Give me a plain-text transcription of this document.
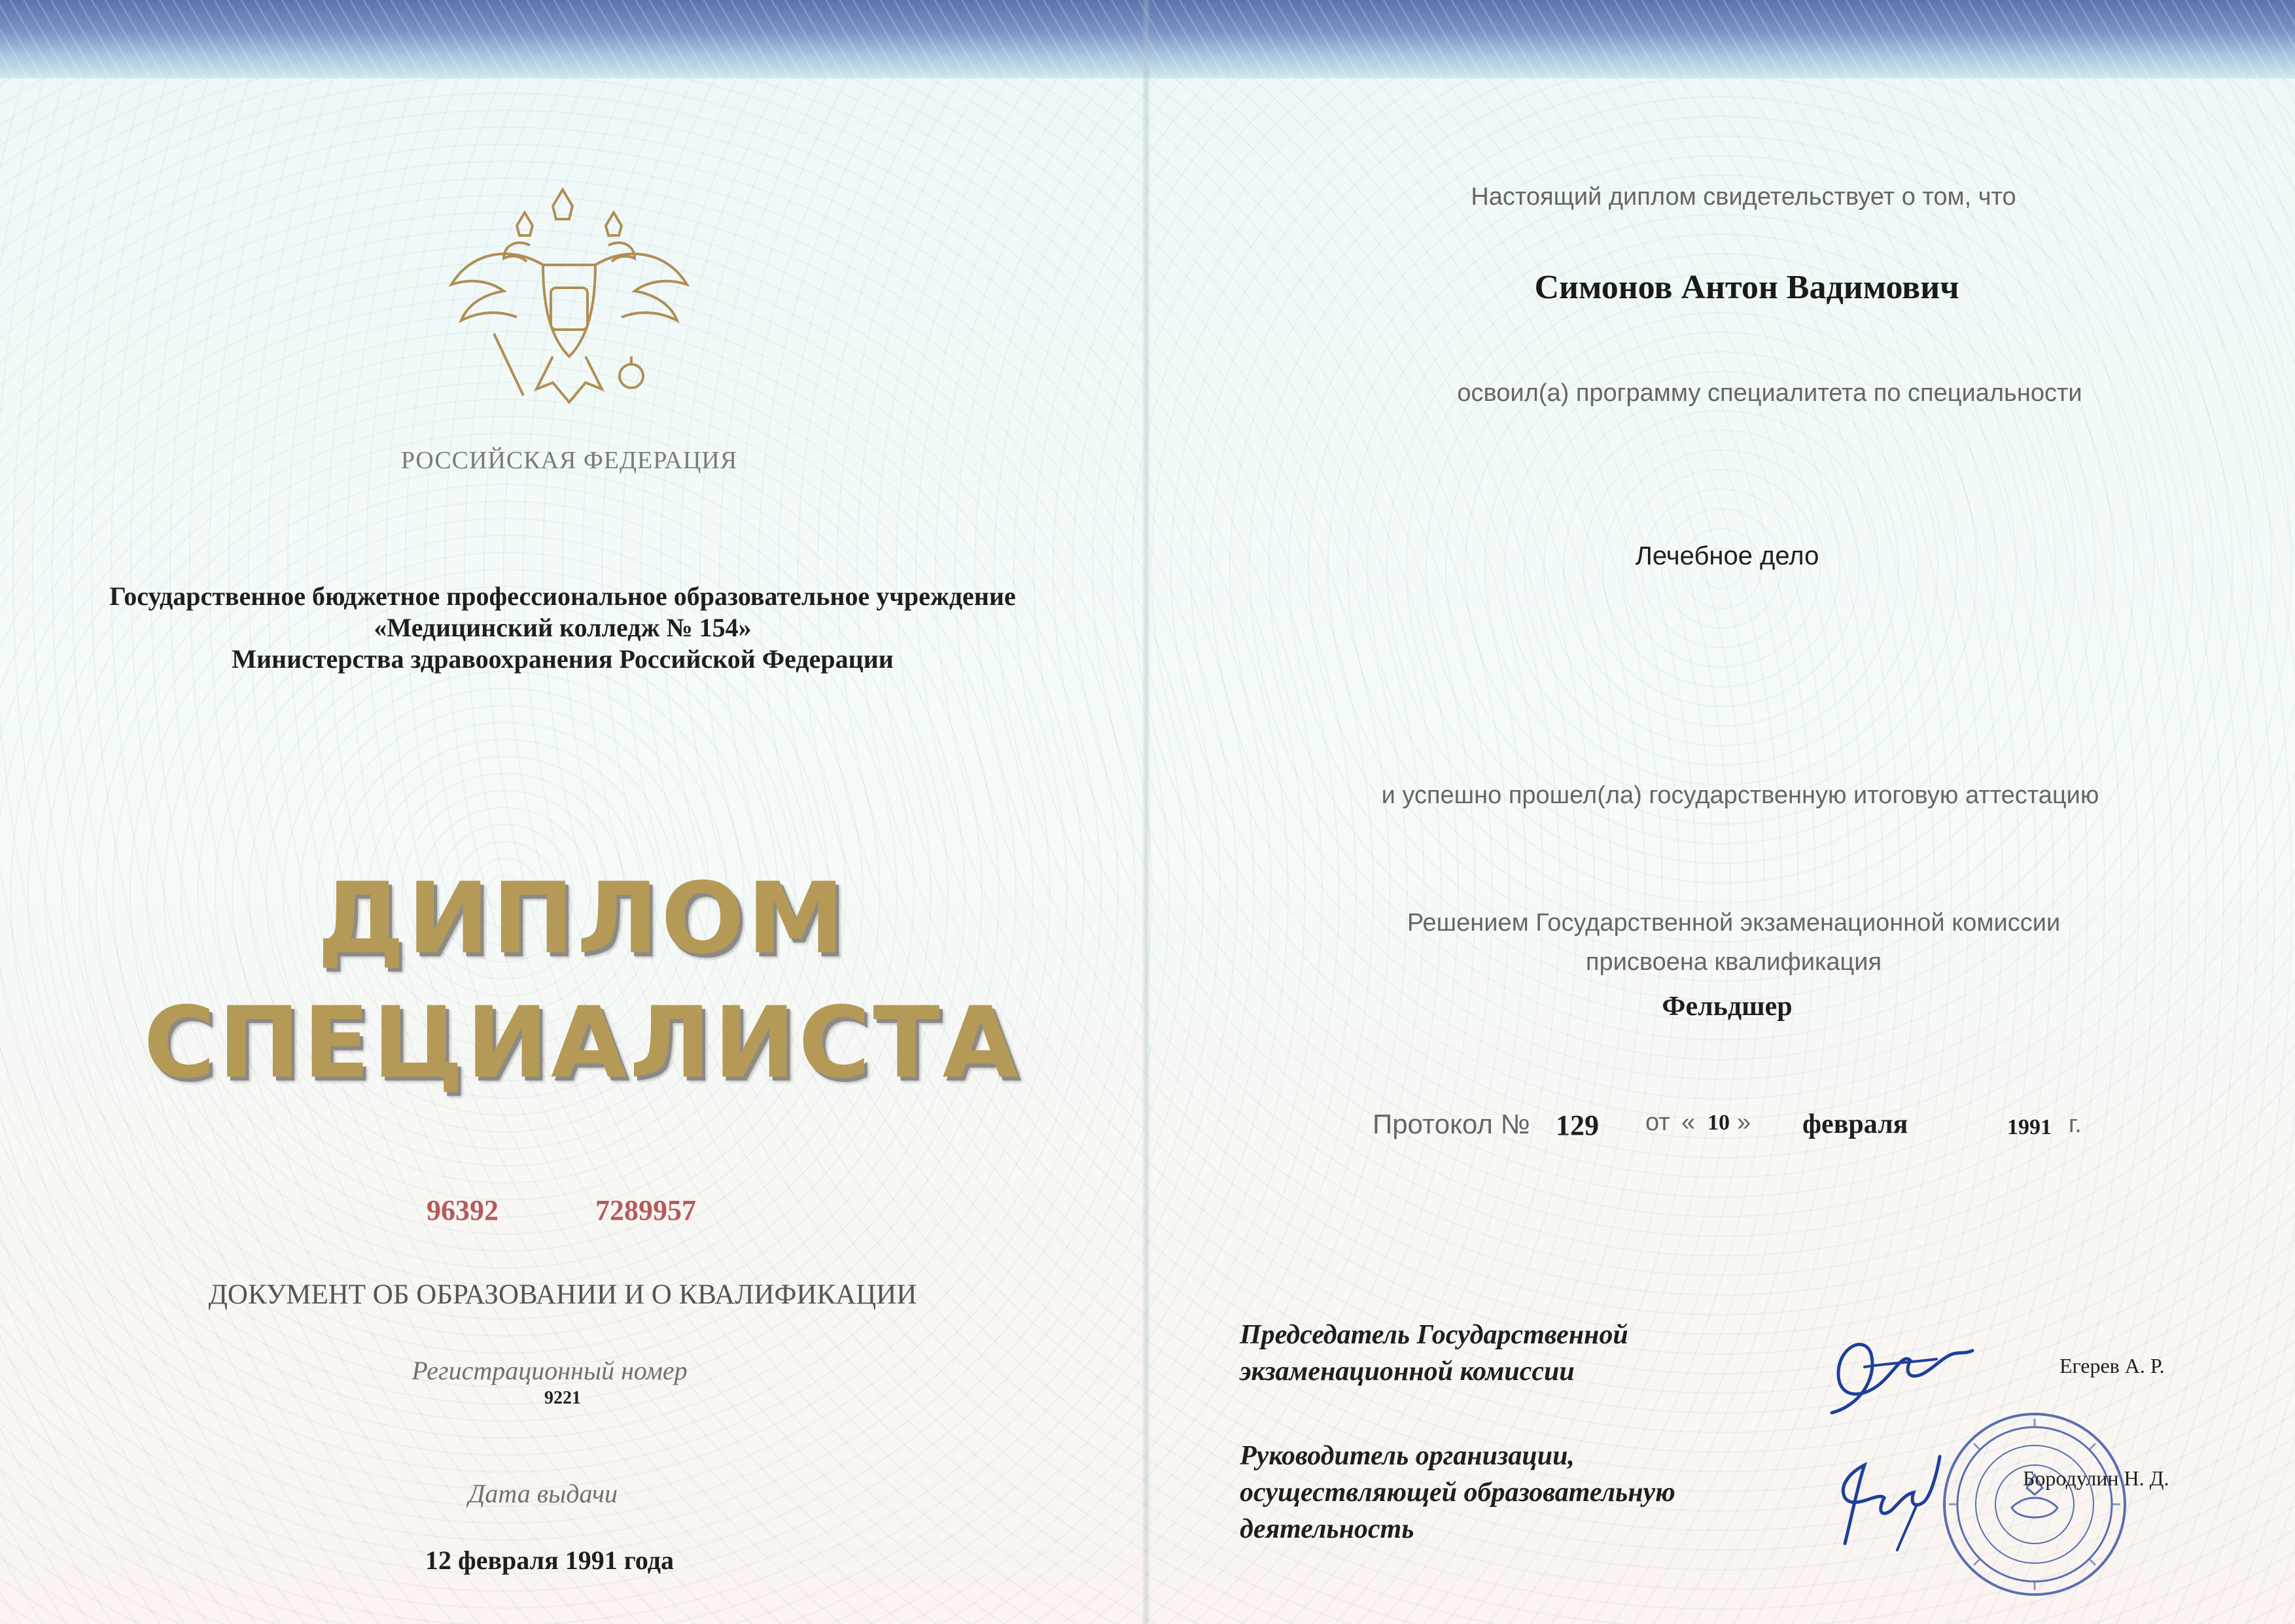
РОССИЙСКАЯ ФЕДЕРАЦИЯ
Государственное бюджетное профессиональное образовательное учреждение
«Медицинский колледж № 154»
Министерства здравоохранения Российской Федерации
ДИПЛОМ
СПЕЦИАЛИСТА
96392	7289957
ДОКУМЕНТ ОБ ОБРАЗОВАНИИ И О КВАЛИФИКАЦИИ
Регистрационный номер
9221
Дата выдачи
12 февраля 1991 года
Настоящий диплом свидетельствует о том, что
Симонов Антон Вадимович
освоил(а) программу специалитета по специальности
Лечебное дело
и успешно прошел(ла) государственную итоговую аттестацию
Решением Государственной экзаменационной комиссии
присвоена квалификация
Фельдшер
Протокол № 129 от « 10 » февраля	1991 г.
Председатель Государственной
экзаменационной комиссии
Руководитель организации,
осуществляющей образовательную
деятельность
Егерев А. Р.
Бородулин Н. Д.
